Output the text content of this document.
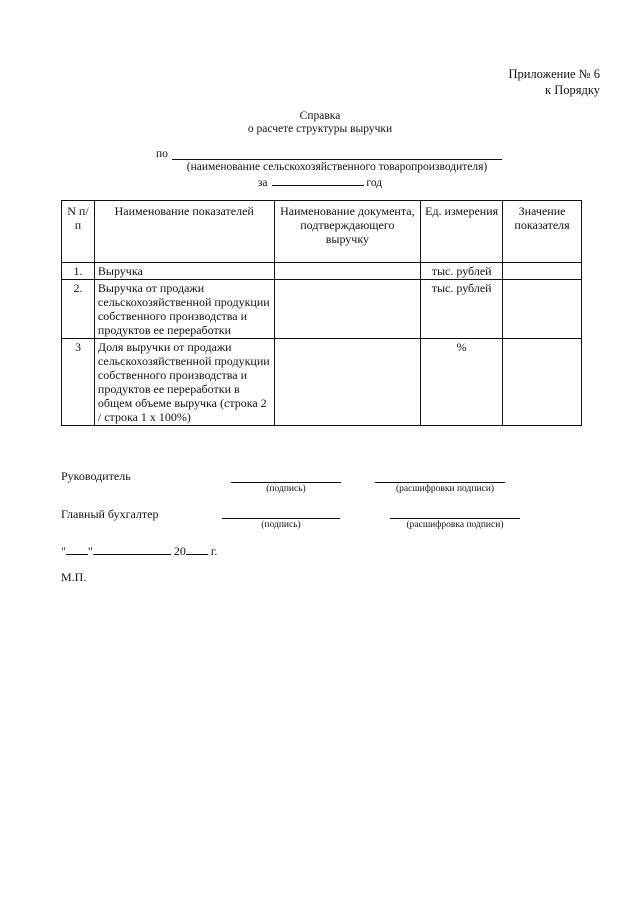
Приложение № 6
к Порядку
Справка
о расчете структуры выручки
по
(наименование сельскохозяйственного товаропроизводителя)
за	год
N п/п	Наименование показателей	Наименование документа, подтверждающего выручку	Ед. измерения	Значение показателя
1.	Выручка		тыс. рублей	
2.	Выручка от продажи сельскохозяйственной продукции собственного производства и продуктов ее переработки		тыс. рублей	
3	Доля выручки от продажи сельскохозяйственной продукции собственного производства и продуктов ее переработки в общем объеме выручка (строка 2 / строка 1 х 100%)		%	
Руководитель
(подпись)	(расшифровки подписи)
Главный бухгалтер
(подпись)	(расшифровка подписи)
" "	20 г.
М.П.
